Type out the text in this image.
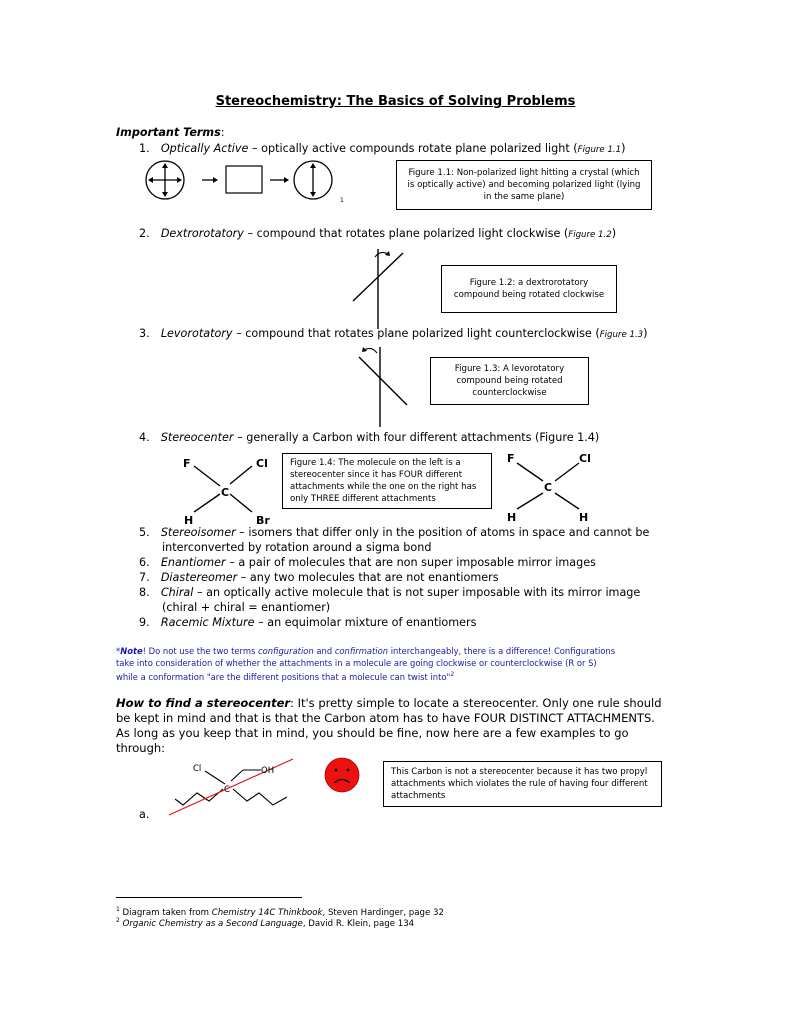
Stereochemistry: The Basics of Solving Problems
Important Terms:
1. Optically Active – optically active compounds rotate plane polarized light (Figure 1.1)
1
Figure 1.1: Non-polarized light hitting a crystal (which is optically active) and becoming polarized light (lying in the same plane)
2. Dextrorotatory – compound that rotates plane polarized light clockwise (Figure 1.2)
Figure 1.2: a dextrorotatory compound being rotated clockwise
3. Levorotatory – compound that rotates plane polarized light counterclockwise (Figure 1.3)
Figure 1.3: A levorotatory compound being rotated counterclockwise
4. Stereocenter – generally a Carbon with four different attachments (Figure 1.4)
F	Cl
C
H	Br
Figure 1.4: The molecule on the left is a stereocenter since it has FOUR different attachments while the one on the right has only THREE different attachments
F	Cl
C
H	H
5. Stereoisomer – isomers that differ only in the position of atoms in space and cannot be
interconverted by rotation around a sigma bond
6. Enantiomer – a pair of molecules that are non super imposable mirror images
7. Diastereomer – any two molecules that are not enantiomers
8. Chiral – an optically active molecule that is not super imposable with its mirror image
(chiral + chiral = enantiomer)
9. Racemic Mixture – an equimolar mixture of enantiomers
*Note! Do not use the two terms configuration and confirmation interchangeably, there is a difference! Configurations
take into consideration of whether the attachments in a molecule are going clockwise or counterclockwise (R or S)
while a conformation "are the different positions that a molecule can twist into"$^2$
How to find a stereocenter: It's pretty simple to locate a stereocenter. Only one rule should
be kept in mind and that is that the Carbon atom has to have FOUR DISTINCT ATTACHMENTS.
As long as you keep that in mind, you should be fine, now here are a few examples to go
through:
Cl	OH
C
This Carbon is not a stereocenter because it has two propyl attachments which violates the rule of having four different attachments
a.
$^1$ Diagram taken from Chemistry 14C Thinkbook, Steven Hardinger, page 32
$^2$ Organic Chemistry as a Second Language, David R. Klein, page 134
